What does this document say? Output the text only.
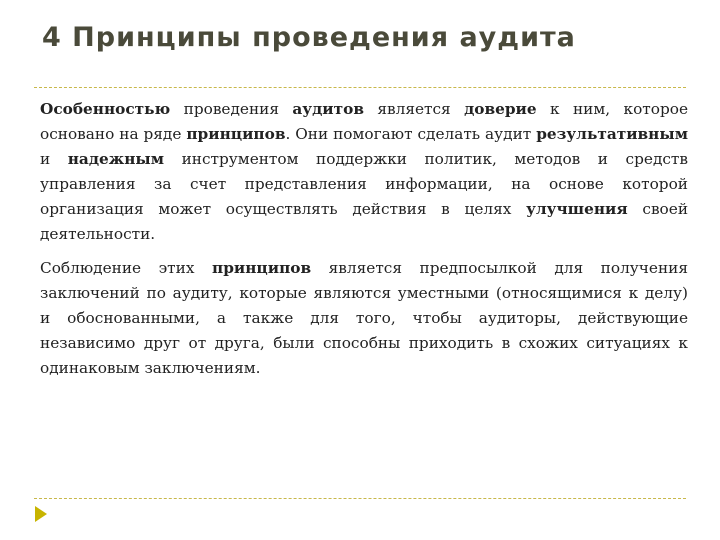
4 Принципы проведения аудита

Особенностью проведения аудитов является доверие к ним, которое основано на ряде принципов. Они помогают сделать аудит результативным и надежным инструментом поддержки политик, методов и средств управления за счет представления информации, на основе которой организация может осуществлять действия в целях улучшения своей деятельности.

Соблюдение этих принципов является предпосылкой для получения заключений по аудиту, которые являются уместными (относящимися к делу) и обоснованными, а также для того, чтобы аудиторы, действующие независимо друг от друга, были способны приходить в схожих ситуациях к одинаковым заключениям.
